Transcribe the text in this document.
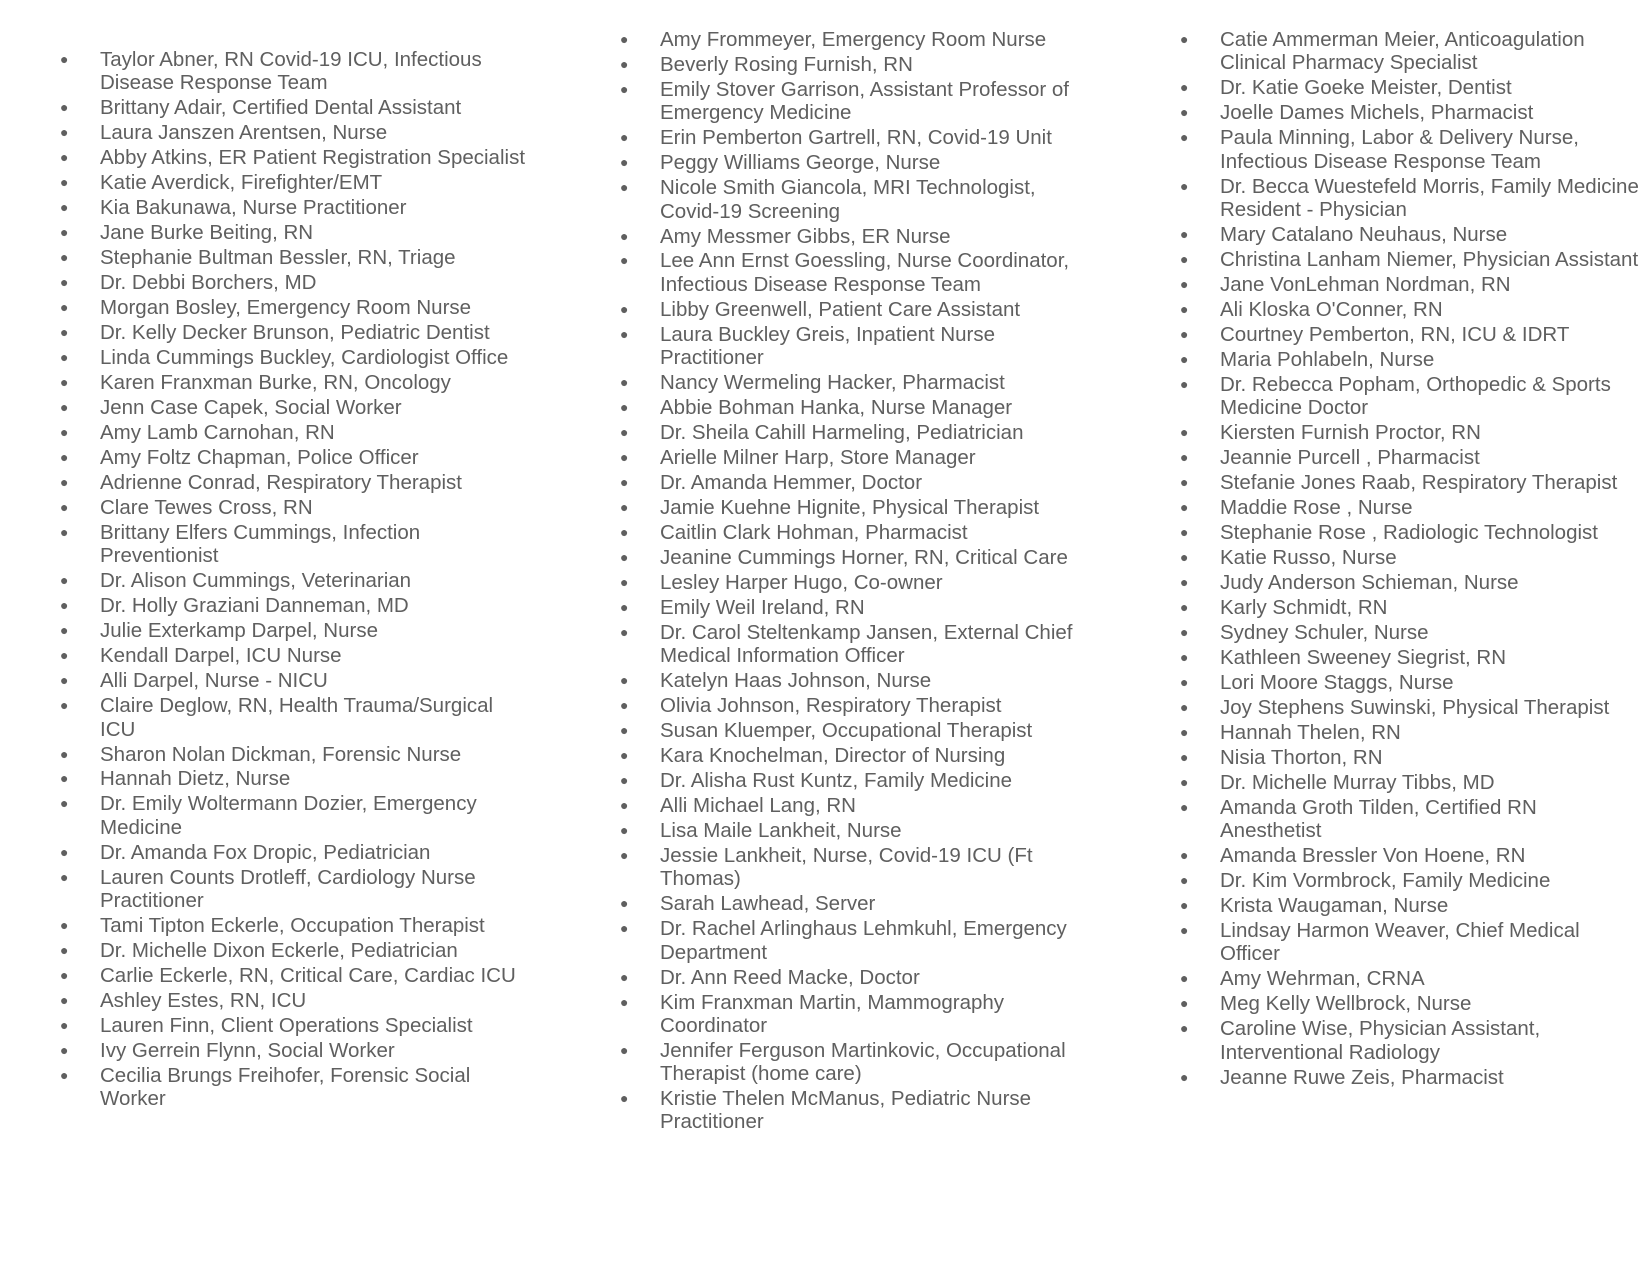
●	Taylor Abner, RN Covid-19 ICU, Infectious Disease Response Team
●	Brittany Adair, Certified Dental Assistant
●	Laura Janszen Arentsen, Nurse
●	Abby Atkins, ER Patient Registration Specialist
●	Katie Averdick, Firefighter/EMT
●	Kia Bakunawa, Nurse Practitioner
●	Jane Burke Beiting, RN
●	Stephanie Bultman Bessler, RN, Triage
●	Dr. Debbi Borchers, MD
●	Morgan Bosley, Emergency Room Nurse
●	Dr. Kelly Decker Brunson, Pediatric Dentist
●	Linda Cummings Buckley, Cardiologist Office
●	Karen Franxman Burke, RN, Oncology
●	Jenn Case Capek, Social Worker
●	Amy Lamb Carnohan, RN
●	Amy Foltz Chapman, Police Officer
●	Adrienne Conrad, Respiratory Therapist
●	Clare Tewes Cross, RN
●	Brittany Elfers Cummings, Infection Preventionist
●	Dr. Alison Cummings, Veterinarian
●	Dr. Holly Graziani Danneman, MD
●	Julie Exterkamp Darpel, Nurse
●	Kendall Darpel, ICU Nurse
●	Alli Darpel, Nurse - NICU
●	Claire Deglow, RN, Health Trauma/Surgical ICU
●	Sharon Nolan Dickman, Forensic Nurse
●	Hannah Dietz, Nurse
●	Dr. Emily Woltermann Dozier, Emergency Medicine
●	Dr. Amanda Fox Dropic, Pediatrician
●	Lauren Counts Drotleff, Cardiology Nurse Practitioner
●	Tami Tipton Eckerle, Occupation Therapist
●	Dr. Michelle Dixon Eckerle, Pediatrician
●	Carlie Eckerle, RN, Critical Care, Cardiac ICU
●	Ashley Estes, RN, ICU
●	Lauren Finn, Client Operations Specialist
●	Ivy Gerrein Flynn, Social Worker
●	Cecilia Brungs Freihofer, Forensic Social Worker
●	Amy Frommeyer, Emergency Room Nurse
●	Beverly Rosing Furnish, RN
●	Emily Stover Garrison, Assistant Professor of Emergency Medicine
●	Erin Pemberton Gartrell, RN, Covid-19 Unit
●	Peggy Williams George, Nurse
●	Nicole Smith Giancola, MRI Technologist, Covid-19 Screening
●	Amy Messmer Gibbs, ER Nurse
●	Lee Ann Ernst Goessling, Nurse Coordinator, Infectious Disease Response Team
●	Libby Greenwell, Patient Care Assistant
●	Laura Buckley Greis, Inpatient Nurse Practitioner
●	Nancy Wermeling Hacker, Pharmacist
●	Abbie Bohman Hanka, Nurse Manager
●	Dr. Sheila Cahill Harmeling, Pediatrician
●	Arielle Milner Harp, Store Manager
●	Dr. Amanda Hemmer, Doctor
●	Jamie Kuehne Hignite, Physical Therapist
●	Caitlin Clark Hohman, Pharmacist
●	Jeanine Cummings Horner, RN, Critical Care
●	Lesley Harper Hugo, Co-owner
●	Emily Weil Ireland, RN
●	Dr. Carol Steltenkamp Jansen, External Chief Medical Information Officer
●	Katelyn Haas Johnson, Nurse
●	Olivia Johnson, Respiratory Therapist
●	Susan Kluemper, Occupational Therapist
●	Kara Knochelman, Director of Nursing
●	Dr. Alisha Rust Kuntz, Family Medicine
●	Alli Michael Lang, RN
●	Lisa Maile Lankheit, Nurse
●	Jessie Lankheit, Nurse, Covid-19 ICU (Ft Thomas)
●	Sarah Lawhead, Server
●	Dr. Rachel Arlinghaus Lehmkuhl, Emergency Department
●	Dr. Ann Reed Macke, Doctor
●	Kim Franxman Martin, Mammography Coordinator
●	Jennifer Ferguson Martinkovic, Occupational Therapist (home care)
●	Kristie Thelen McManus, Pediatric Nurse Practitioner
●	Catie Ammerman Meier, Anticoagulation Clinical Pharmacy Specialist
●	Dr. Katie Goeke Meister, Dentist
●	Joelle Dames Michels, Pharmacist
●	Paula Minning, Labor & Delivery Nurse, Infectious Disease Response Team
●	Dr. Becca Wuestefeld Morris, Family Medicine Resident - Physician
●	Mary Catalano Neuhaus, Nurse
●	Christina Lanham Niemer, Physician Assistant
●	Jane VonLehman Nordman, RN
●	Ali Kloska O'Conner, RN
●	Courtney Pemberton, RN, ICU & IDRT
●	Maria Pohlabeln, Nurse
●	Dr. Rebecca Popham, Orthopedic & Sports Medicine Doctor
●	Kiersten Furnish Proctor, RN
●	Jeannie Purcell , Pharmacist
●	Stefanie Jones Raab, Respiratory Therapist
●	Maddie Rose , Nurse
●	Stephanie Rose , Radiologic Technologist
●	Katie Russo, Nurse
●	Judy Anderson Schieman, Nurse
●	Karly Schmidt, RN
●	Sydney Schuler, Nurse
●	Kathleen Sweeney Siegrist, RN
●	Lori Moore Staggs, Nurse
●	Joy Stephens Suwinski, Physical Therapist
●	Hannah Thelen, RN
●	Nisia Thorton, RN
●	Dr. Michelle Murray Tibbs, MD
●	Amanda Groth Tilden, Certified RN Anesthetist
●	Amanda Bressler Von Hoene, RN
●	Dr. Kim Vormbrock, Family Medicine
●	Krista Waugaman, Nurse
●	Lindsay Harmon Weaver, Chief Medical Officer
●	Amy Wehrman, CRNA
●	Meg Kelly Wellbrock, Nurse
●	Caroline Wise, Physician Assistant, Interventional Radiology
●	Jeanne Ruwe Zeis, Pharmacist
